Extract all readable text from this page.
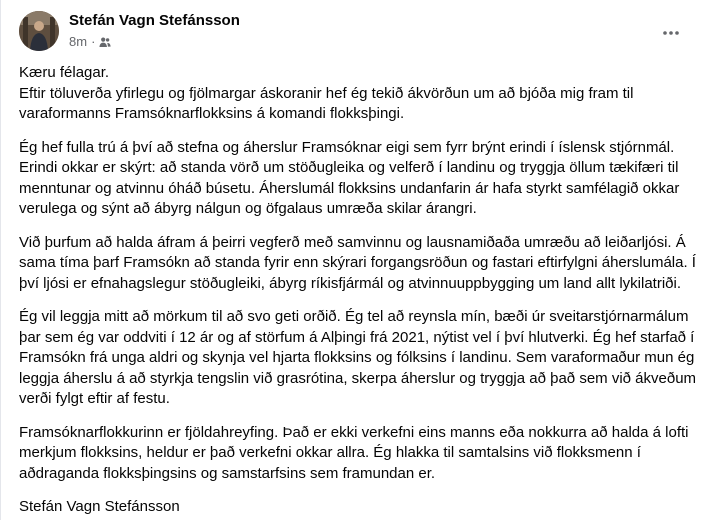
Stefán Vagn Stefánsson
8m ·

Kæru félagar.
Eftir töluverða yfirlegu og fjölmargar áskoranir hef ég tekið ákvörðun um að bjóða mig fram til varaformanns Framsóknarflokksins á komandi flokksþingi.

Ég hef fulla trú á því að stefna og áherslur Framsóknar eigi sem fyrr brýnt erindi í íslensk stjórnmál. Erindi okkar er skýrt: að standa vörð um stöðugleika og velferð í landinu og tryggja öllum tækifæri til menntunar og atvinnu óháð búsetu. Áherslumál flokksins undanfarin ár hafa styrkt samfélagið okkar verulega og sýnt að ábyrg nálgun og öfgalaus umræða skilar árangri.

Við þurfum að halda áfram á þeirri vegferð með samvinnu og lausnamiðaða umræðu að leiðarljósi. Á sama tíma þarf Framsókn að standa fyrir enn skýrari forgangsröðun og fastari eftirfylgni áherslumála. Í því ljósi er efnahagslegur stöðugleiki, ábyrg ríkisfjármál og atvinnuuppbygging um land allt lykilatriði.

Ég vil leggja mitt að mörkum til að svo geti orðið. Ég tel að reynsla mín, bæði úr sveitarstjórnarmálum þar sem ég var oddviti í 12 ár og af störfum á Alþingi frá 2021, nýtist vel í því hlutverki. Ég hef starfað í Framsókn frá unga aldri og skynja vel hjarta flokksins og fólksins í landinu. Sem varaformaður mun ég leggja áherslu á að styrkja tengslin við grasrótina, skerpa áherslur og tryggja að það sem við ákveðum verði fylgt eftir af festu.

Framsóknarflokkurinn er fjöldahreyfing. Það er ekki verkefni eins manns eða nokkurra að halda á lofti merkjum flokksins, heldur er það verkefni okkar allra. Ég hlakka til samtalsins við flokksmenn í aðdraganda flokksþingsins og samstarfsins sem framundan er.

Stefán Vagn Stefánsson
